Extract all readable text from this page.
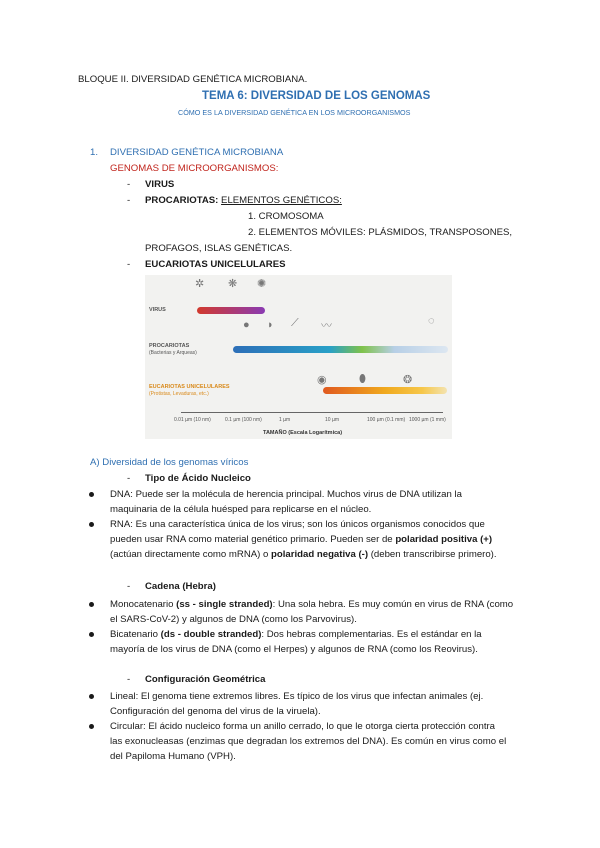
BLOQUE II. DIVERSIDAD GENÉTICA MICROBIANA.
TEMA 6: DIVERSIDAD DE LOS GENOMAS
CÓMO ES LA DIVERSIDAD GENÉTICA EN LOS MICROORGANISMOS
1. DIVERSIDAD GENÉTICA MICROBIANA
GENOMAS DE MICROORGANISMOS:
- VIRUS
- PROCARIOTAS: ELEMENTOS GENÉTICOS:
1. CROMOSOMA
2. ELEMENTOS MÓVILES: PLÁSMIDOS, TRANSPOSONES,
PROFAGOS, ISLAS GENÉTICAS.
- EUCARIOTAS UNICELULARES
✲ ❋ ✺
VIRUS
● ◗ ⟋ 〰	◌
PROCARIOTAS
(Bacterias y Arqueas)
◉	⬮	❂
EUCARIOTAS UNICELULARES
(Protistas, Levaduras, etc.)
0.01 µm (10 nm)	0.1 µm (100 nm)	1 µm	10 µm	100 µm (0.1 mm) 1000 µm (1 mm)
TAMAÑO (Escala Logarítmica)
A) Diversidad de los genomas víricos
- Tipo de Ácido Nucleico
DNA: Puede ser la molécula de herencia principal. Muchos virus de DNA utilizan la
maquinaria de la célula huésped para replicarse en el núcleo.
RNA: Es una característica única de los virus; son los únicos organismos conocidos que
pueden usar RNA como material genético primario. Pueden ser de polaridad positiva (+)
(actúan directamente como mRNA) o polaridad negativa (-) (deben transcribirse primero).
- Cadena (Hebra)
Monocatenario (ss - single stranded): Una sola hebra. Es muy común en virus de RNA (como
el SARS-CoV-2) y algunos de DNA (como los Parvovirus).
Bicatenario (ds - double stranded): Dos hebras complementarias. Es el estándar en la
mayoría de los virus de DNA (como el Herpes) y algunos de RNA (como los Reovirus).
- Configuración Geométrica
Lineal: El genoma tiene extremos libres. Es típico de los virus que infectan animales (ej.
Configuración del genoma del virus de la viruela).
Circular: El ácido nucleico forma un anillo cerrado, lo que le otorga cierta protección contra
las exonucleasas (enzimas que degradan los extremos del DNA). Es común en virus como el
del Papiloma Humano (VPH).
